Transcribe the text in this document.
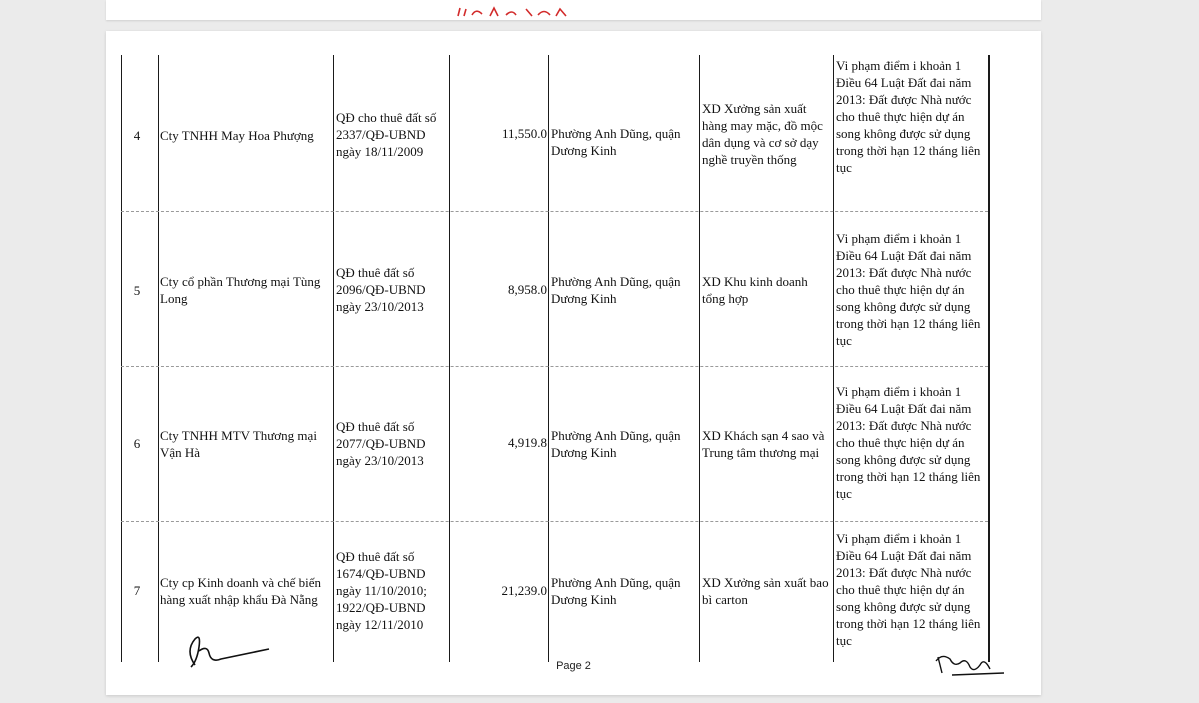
4	Cty TNHH May Hoa Phượng
QĐ cho thuê đất số 2337/QĐ-UBND ngày 18/11/2009
11,550.0 Phường Anh Dũng, quận Dương Kinh
XD Xưởng sản xuất hàng may mặc, đồ mộc dân dụng và cơ sở dạy nghề truyền thống
Vi phạm điểm i khoản 1 Điều 64 Luật Đất đai năm 2013: Đất được Nhà nước cho thuê thực hiện dự án song không được sử dụng trong thời hạn 12 tháng liên tục
5
Cty cổ phần Thương mại Tùng Long
QĐ thuê đất số 2096/QĐ-UBND ngày 23/10/2013
8,958.0
Phường Anh Dũng, quận Dương Kinh
XD Khu kinh doanh tổng hợp
Vi phạm điểm i khoản 1 Điều 64 Luật Đất đai năm 2013: Đất được Nhà nước cho thuê thực hiện dự án song không được sử dụng trong thời hạn 12 tháng liên tục
6
Cty TNHH MTV Thương mại Vận Hà
QĐ thuê đất số 2077/QĐ-UBND ngày 23/10/2013
4,919.8 Phường Anh Dũng, quận Dương Kinh
XD Khách sạn 4 sao và Trung tâm thương mại
Vi phạm điểm i khoản 1 Điều 64 Luật Đất đai năm 2013: Đất được Nhà nước cho thuê thực hiện dự án song không được sử dụng trong thời hạn 12 tháng liên tục
7
Cty cp Kinh doanh và chế biến hàng xuất nhập khẩu Đà Nẵng
QĐ thuê đất số 1674/QĐ-UBND ngày 11/10/2010; 1922/QĐ-UBND ngày 12/11/2010
21,239.0
Phường Anh Dũng, quận Dương Kinh
XD Xưởng sản xuất bao bì carton
Vi phạm điểm i khoản 1 Điều 64 Luật Đất đai năm 2013: Đất được Nhà nước cho thuê thực hiện dự án song không được sử dụng trong thời hạn 12 tháng liên tục
Page 2
